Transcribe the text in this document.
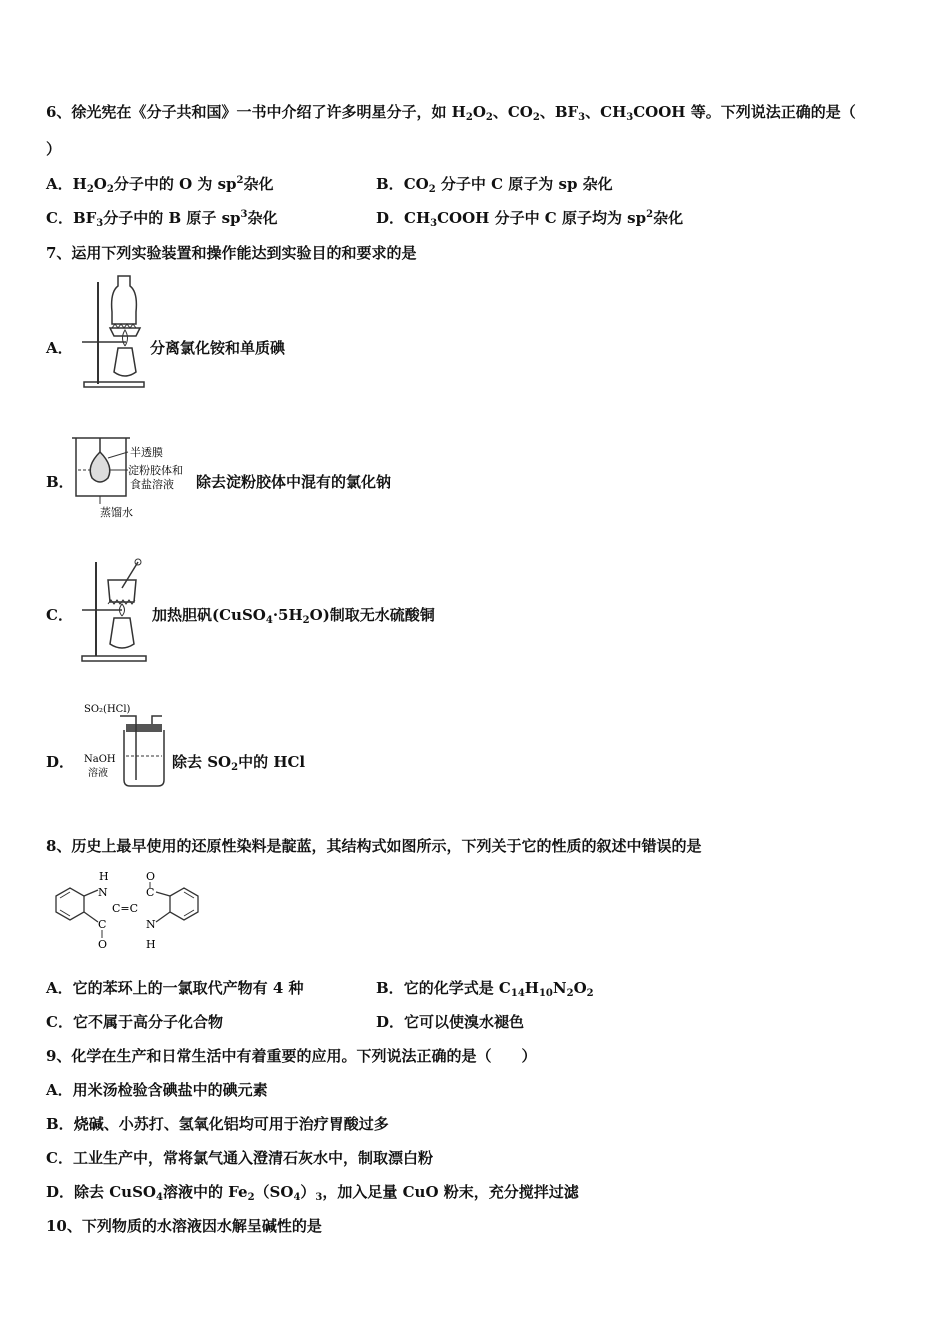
6、徐光宪在《分子共和国》一书中介绍了许多明星分子，如 $H_2O_2$、$CO_2$、$BF_3$、$CH_3COOH$ 等。下列说法正确的是（
）
A．$H_2O_2$分子中的 O 为 $sp^2$杂化	B．$CO_2$ 分子中 C 原子为 sp 杂化
C．$BF_3$分子中的 B 原子 $sp^3$杂化	D．$CH_3COOH$ 分子中 C 原子均为 $sp^2$杂化
7、运用下列实验装置和操作能达到实验目的和要求的是
A．	分离氯化铵和单质碘
B．
半透膜
淀粉胶体和
食盐溶液
蒸馏水
除去淀粉胶体中混有的氯化钠
C．	加热胆矾$(CuSO_4\cdot 5H_2O)$制取无水硫酸铜
D．
SO₂(HCl)
NaOH
溶液
除去 $SO_2$中的 HCl
8、历史上最早使用的还原性染料是靛蓝，其结构式如图所示，下列关于它的性质的叙述中错误的是
N
H
C
O
C=C
C
O
N
H
A．它的苯环上的一氯取代产物有 4 种	B．它的化学式是 $C_{14}H_{10}N_2O_2$
C．它不属于高分子化合物	D．它可以使溴水褪色
9、化学在生产和日常生活中有着重要的应用。下列说法正确的是（　　）
A．用米汤检验含碘盐中的碘元素
B．烧碱、小苏打、氢氧化铝均可用于治疗胃酸过多
C．工业生产中，常将氯气通入澄清石灰水中，制取漂白粉
D．除去 CuSO$_4$溶液中的 $Fe_2(SO_4)_3$，加入足量 CuO 粉末，充分搅拌过滤
10、下列物质的水溶液因水解呈碱性的是
